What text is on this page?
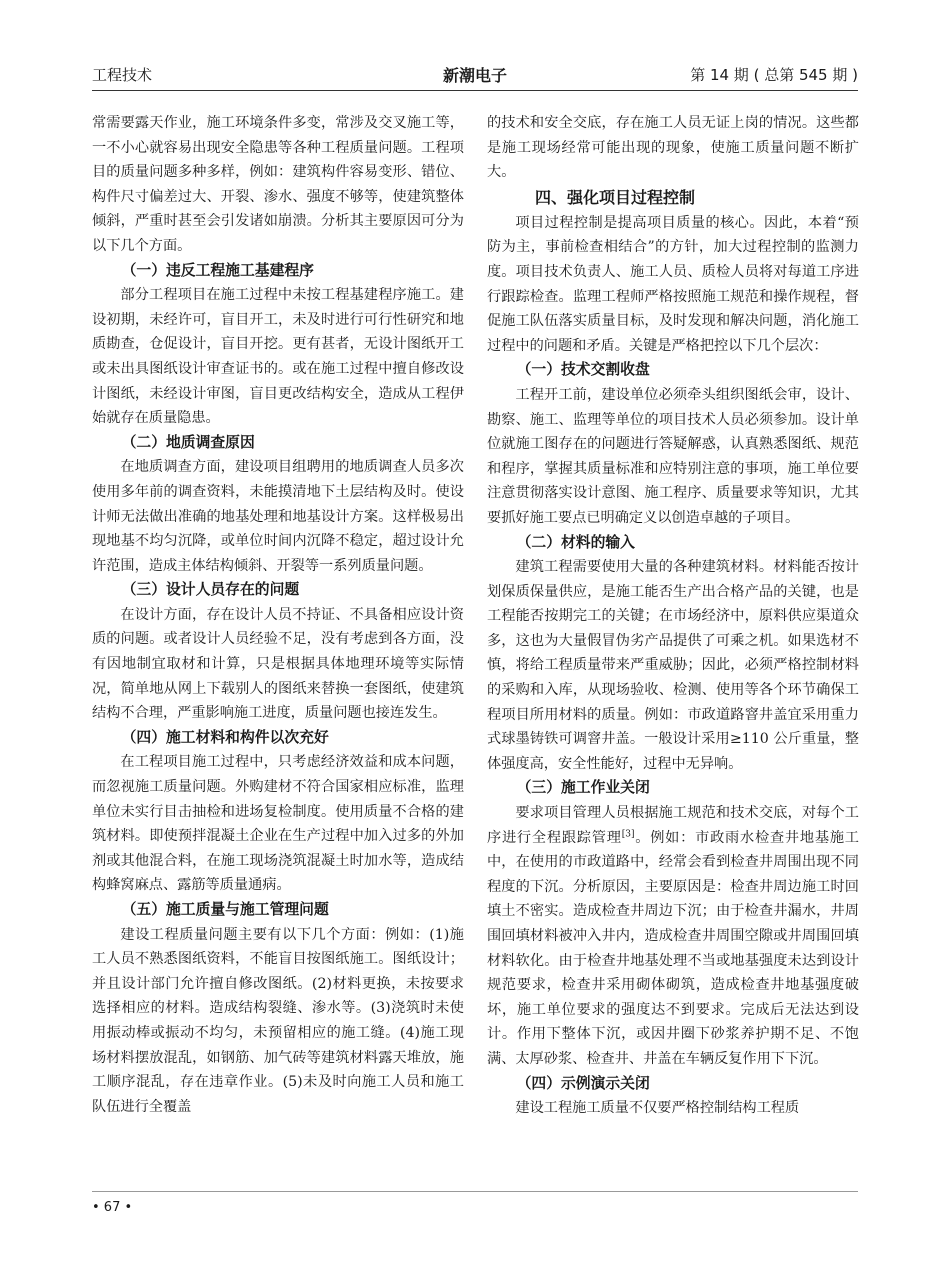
工程技术	新潮电子	第 14 期 ( 总第 545 期 )

常需要露天作业，施工环境条件多变，常涉及交叉施工等，一不小心就容易出现安全隐患等各种工程质量问题。工程项目的质量问题多种多样，例如：建筑构件容易变形、错位、构件尺寸偏差过大、开裂、渗水、强度不够等，使建筑整体倾斜，严重时甚至会引发诸如崩溃。分析其主要原因可分为以下几个方面。

（一）违反工程施工基建程序

部分工程项目在施工过程中未按工程基建程序施工。建设初期，未经许可，盲目开工，未及时进行可行性研究和地质勘查，仓促设计，盲目开挖。更有甚者，无设计图纸开工或未出具图纸设计审查证书的。或在施工过程中擅自修改设计图纸，未经设计审图，盲目更改结构安全，造成从工程伊始就存在质量隐患。

（二）地质调查原因

在地质调查方面，建设项目组聘用的地质调查人员多次使用多年前的调查资料，未能摸清地下土层结构及时。使设计师无法做出准确的地基处理和地基设计方案。这样极易出现地基不均匀沉降，或单位时间内沉降不稳定，超过设计允许范围，造成主体结构倾斜、开裂等一系列质量问题。

（三）设计人员存在的问题

在设计方面，存在设计人员不持证、不具备相应设计资质的问题。或者设计人员经验不足，没有考虑到各方面，没有因地制宜取材和计算，只是根据具体地理环境等实际情况，简单地从网上下载别人的图纸来替换一套图纸，使建筑结构不合理，严重影响施工进度，质量问题也接连发生。

（四）施工材料和构件以次充好

在工程项目施工过程中，只考虑经济效益和成本问题，而忽视施工质量问题。外购建材不符合国家相应标准，监理单位未实行目击抽检和进场复检制度。使用质量不合格的建筑材料。即使预拌混凝土企业在生产过程中加入过多的外加剂或其他混合料，在施工现场浇筑混凝土时加水等，造成结构蜂窝麻点、露筋等质量通病。

（五）施工质量与施工管理问题

建设工程质量问题主要有以下几个方面：例如：(1)施工人员不熟悉图纸资料，不能盲目按图纸施工。图纸设计；并且设计部门允许擅自修改图纸。(2)材料更换，未按要求选择相应的材料。造成结构裂缝、渗水等。(3)浇筑时未使用振动棒或振动不均匀，未预留相应的施工缝。(4)施工现场材料摆放混乱，如钢筋、加气砖等建筑材料露天堆放，施工顺序混乱，存在违章作业。(5)未及时向施工人员和施工队伍进行全覆盖

的技术和安全交底，存在施工人员无证上岗的情况。这些都是施工现场经常可能出现的现象，使施工质量问题不断扩大。

四、强化项目过程控制

项目过程控制是提高项目质量的核心。因此，本着“预防为主，事前检查相结合”的方针，加大过程控制的监测力度。项目技术负责人、施工人员、质检人员将对每道工序进行跟踪检查。监理工程师严格按照施工规范和操作规程，督促施工队伍落实质量目标，及时发现和解决问题，消化施工过程中的问题和矛盾。关键是严格把控以下几个层次：

（一）技术交割收盘

工程开工前，建设单位必须牵头组织图纸会审，设计、勘察、施工、监理等单位的项目技术人员必须参加。设计单位就施工图存在的问题进行答疑解惑，认真熟悉图纸、规范和程序，掌握其质量标准和应特别注意的事项，施工单位要注意贯彻落实设计意图、施工程序、质量要求等知识，尤其要抓好施工要点已明确定义以创造卓越的子项目。

（二）材料的输入

建筑工程需要使用大量的各种建筑材料。材料能否按计划保质保量供应，是施工能否生产出合格产品的关键，也是工程能否按期完工的关键；在市场经济中，原料供应渠道众多，这也为大量假冒伪劣产品提供了可乘之机。如果选材不慎，将给工程质量带来严重威胁；因此，必须严格控制材料的采购和入库，从现场验收、检测、使用等各个环节确保工程项目所用材料的质量。例如：市政道路窨井盖宜采用重力式球墨铸铁可调窨井盖。一般设计采用≥110 公斤重量，整体强度高，安全性能好，过程中无异响。

（三）施工作业关闭

要求项目管理人员根据施工规范和技术交底，对每个工序进行全程跟踪管理[3]。例如：市政雨水检查井地基施工中，在使用的市政道路中，经常会看到检查井周围出现不同程度的下沉。分析原因，主要原因是：检查井周边施工时回填土不密实。造成检查井周边下沉；由于检查井漏水，井周围回填材料被冲入井内，造成检查井周围空隙或井周围回填材料软化。由于检查井地基处理不当或地基强度未达到设计规范要求，检查井采用砌体砌筑，造成检查井地基强度破坏，施工单位要求的强度达不到要求。完成后无法达到设计。作用下整体下沉，或因井圈下砂浆养护期不足、不饱满、太厚砂浆、检查井、井盖在车辆反复作用下下沉。

（四）示例演示关闭

建设工程施工质量不仅要严格控制结构工程质

• 67 •
